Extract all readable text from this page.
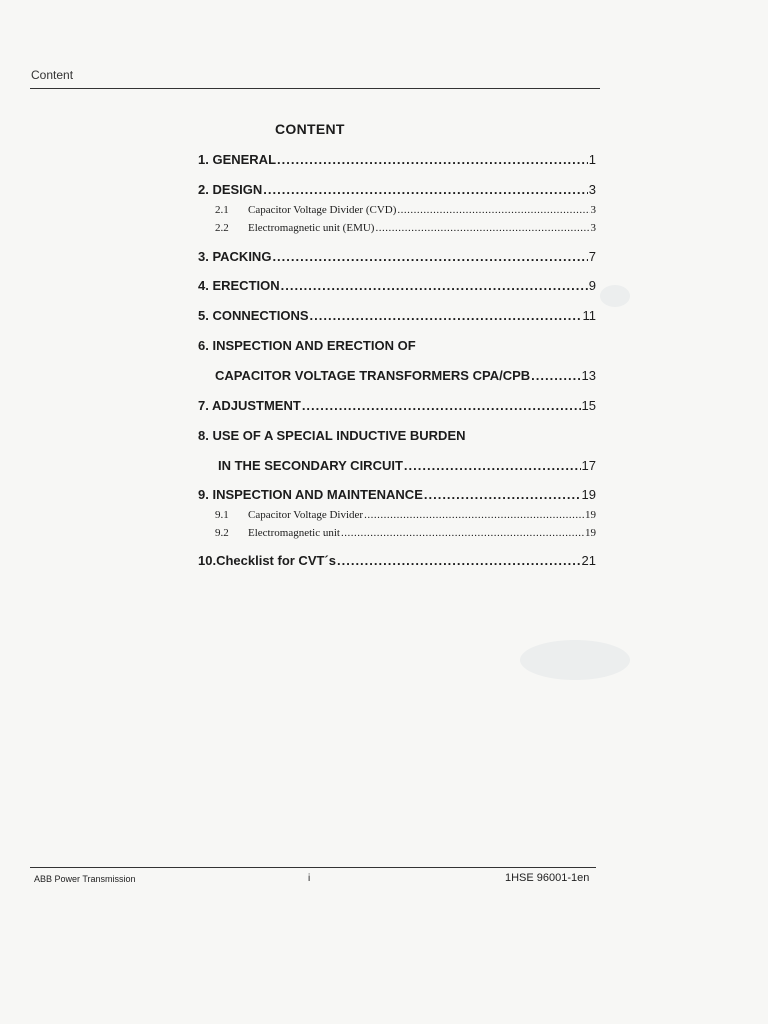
Content
CONTENT
1. GENERAL .....	1
2. DESIGN .....	3
2.1	Capacitor Voltage Divider (CVD) .....	3
2.2	Electromagnetic unit (EMU) .....	3
3. PACKING .....	7
4. ERECTION .....	9
5. CONNECTIONS .....	11
6. INSPECTION AND ERECTION OF
CAPACITOR VOLTAGE TRANSFORMERS CPA/CPB .....	13
7. ADJUSTMENT .....	15
8. USE OF A SPECIAL INDUCTIVE BURDEN
IN THE SECONDARY CIRCUIT .....	17
9. INSPECTION AND MAINTENANCE .....	19
9.1	Capacitor Voltage Divider .....	19
9.2	Electromagnetic unit .....	19
10.Checklist for CVT´s .....	21
ABB Power Transmission	i	1HSE 96001-1en
